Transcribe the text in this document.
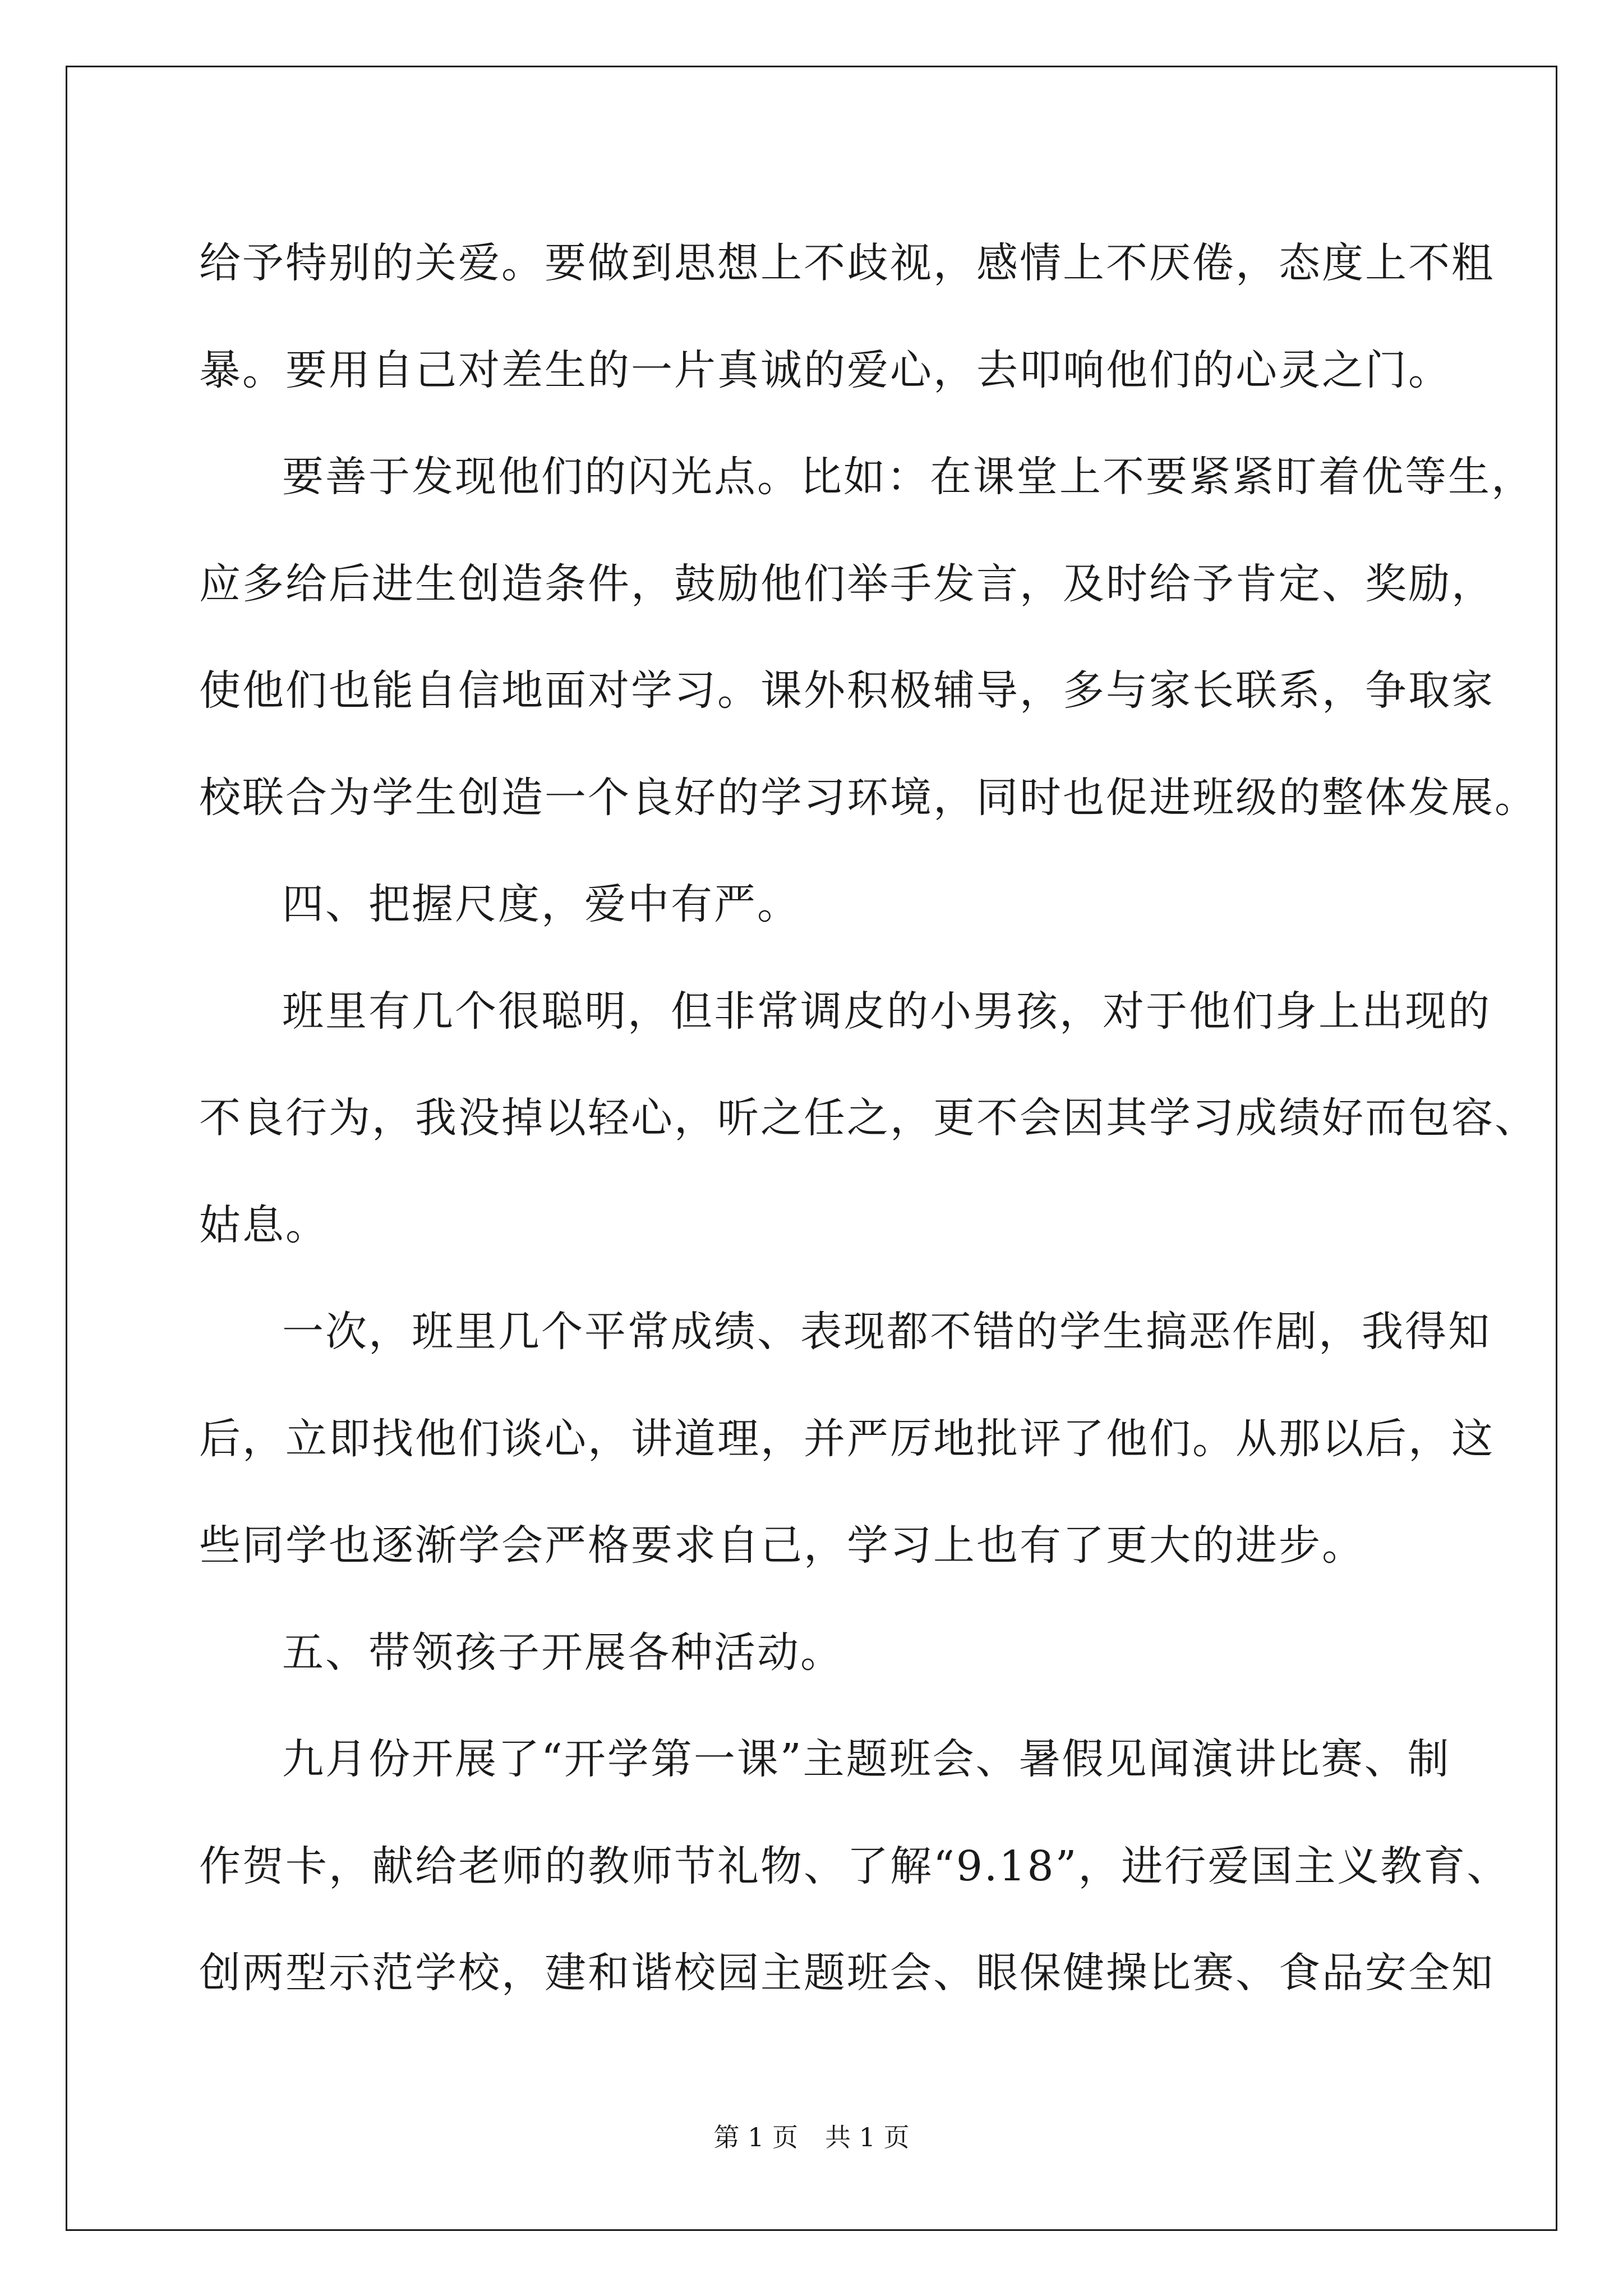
给予特别的关爱。要做到思想上不歧视，感情上不厌倦，态度上不粗
暴。要用自己对差生的一片真诚的爱心，去叩响他们的心灵之门。

要善于发现他们的闪光点。比如：在课堂上不要紧紧盯着优等生，
应多给后进生创造条件，鼓励他们举手发言，及时给予肯定、奖励，
使他们也能自信地面对学习。课外积极辅导，多与家长联系，争取家
校联合为学生创造一个良好的学习环境，同时也促进班级的整体发展。

四、把握尺度，爱中有严。

班里有几个很聪明，但非常调皮的小男孩，对于他们身上出现的
不良行为，我没掉以轻心，听之任之，更不会因其学习成绩好而包容、
姑息。

一次，班里几个平常成绩、表现都不错的学生搞恶作剧，我得知
后，立即找他们谈心，讲道理，并严厉地批评了他们。从那以后，这
些同学也逐渐学会严格要求自己，学习上也有了更大的进步。

五、带领孩子开展各种活动。

九月份开展了“开学第一课”主题班会、暑假见闻演讲比赛、制
作贺卡，献给老师的教师节礼物、了解“9.18”，进行爱国主义教育、
创两型示范学校，建和谐校园主题班会、眼保健操比赛、食品安全知

第 1 页 共 1 页
